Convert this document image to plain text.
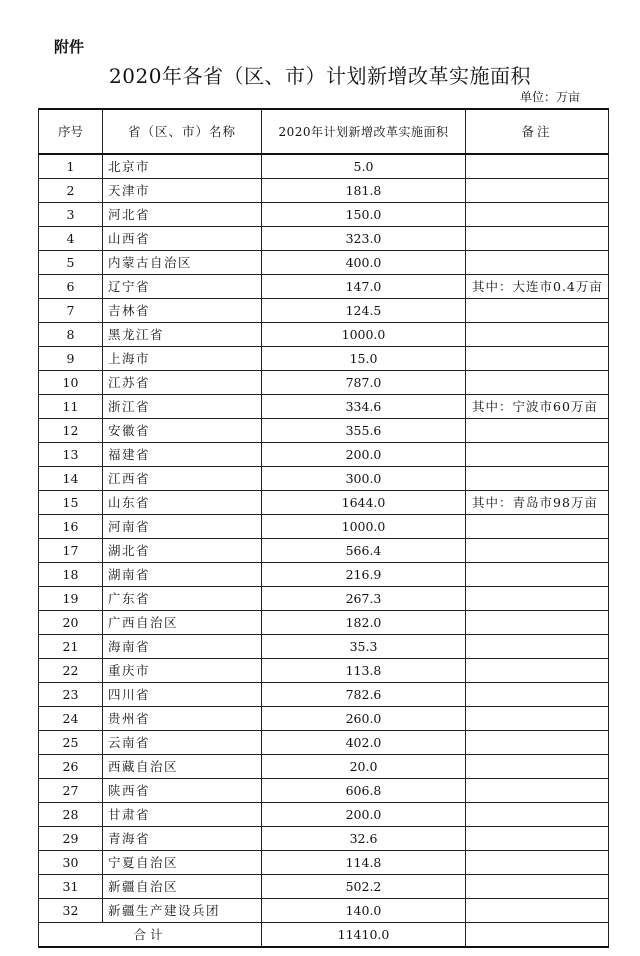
附件
2020年各省（区、市）计划新增改革实施面积
单位：万亩
序号	省（区、市）名称	2020年计划新增改革实施面积	备注
1	北京市	5.0	
2	天津市	181.8	
3	河北省	150.0	
4	山西省	323.0	
5	内蒙古自治区	400.0	
6	辽宁省	147.0	其中：大连市0.4万亩
7	吉林省	124.5	
8	黑龙江省	1000.0	
9	上海市	15.0	
10	江苏省	787.0	
11	浙江省	334.6	其中：宁波市60万亩
12	安徽省	355.6	
13	福建省	200.0	
14	江西省	300.0	
15	山东省	1644.0	其中：青岛市98万亩
16	河南省	1000.0	
17	湖北省	566.4	
18	湖南省	216.9	
19	广东省	267.3	
20	广西自治区	182.0	
21	海南省	35.3	
22	重庆市	113.8	
23	四川省	782.6	
24	贵州省	260.0	
25	云南省	402.0	
26	西藏自治区	20.0	
27	陕西省	606.8	
28	甘肃省	200.0	
29	青海省	32.6	
30	宁夏自治区	114.8	
31	新疆自治区	502.2	
32	新疆生产建设兵团	140.0	
合计		11410.0	
